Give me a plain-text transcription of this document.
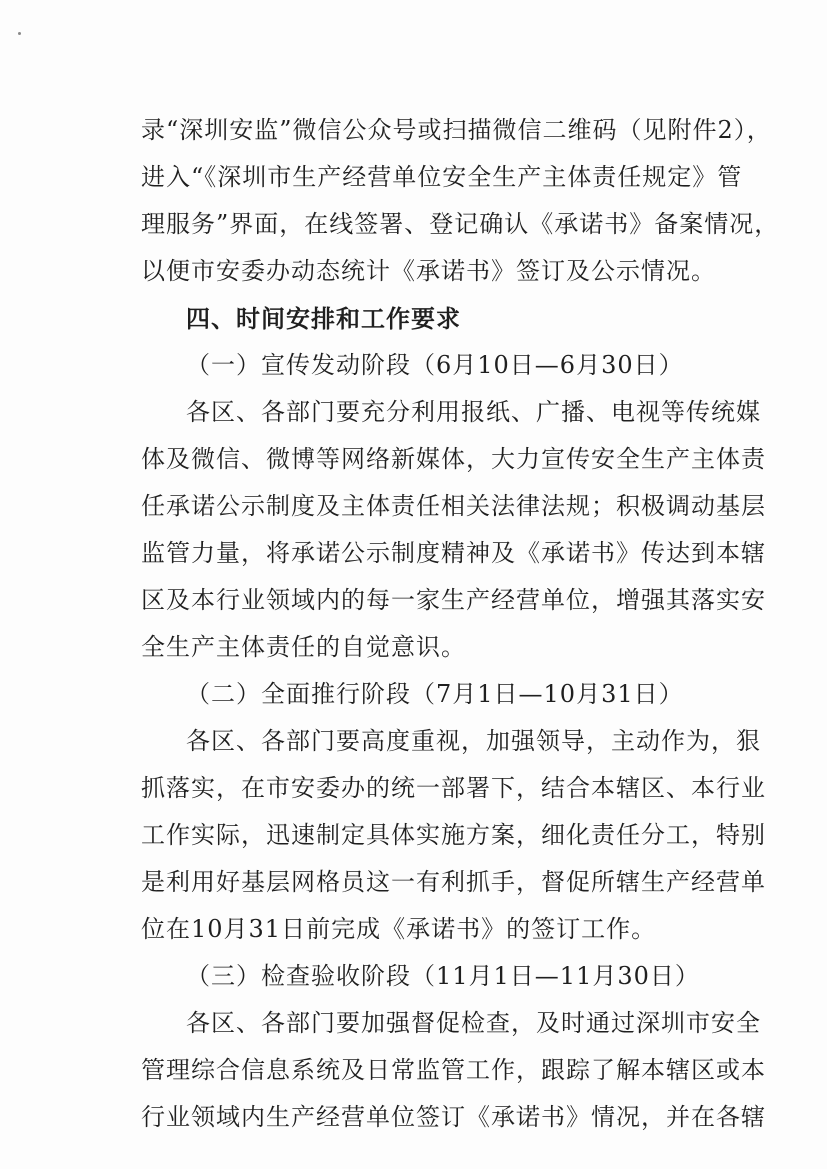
录“深圳安监”微信公众号或扫描微信二维码（见附件2），
进入“《深圳市生产经营单位安全生产主体责任规定》管
理服务”界面，在线签署、登记确认《承诺书》备案情况，
以便市安委办动态统计《承诺书》签订及公示情况。
四、时间安排和工作要求
（一）宣传发动阶段（6月10日—6月30日）
各区、各部门要充分利用报纸、广播、电视等传统媒
体及微信、微博等网络新媒体，大力宣传安全生产主体责
任承诺公示制度及主体责任相关法律法规；积极调动基层
监管力量，将承诺公示制度精神及《承诺书》传达到本辖
区及本行业领域内的每一家生产经营单位，增强其落实安
全生产主体责任的自觉意识。
（二）全面推行阶段（7月1日—10月31日）
各区、各部门要高度重视，加强领导，主动作为，狠
抓落实，在市安委办的统一部署下，结合本辖区、本行业
工作实际，迅速制定具体实施方案，细化责任分工，特别
是利用好基层网格员这一有利抓手，督促所辖生产经营单
位在10月31日前完成《承诺书》的签订工作。
（三）检查验收阶段（11月1日—11月30日）
各区、各部门要加强督促检查，及时通过深圳市安全
管理综合信息系统及日常监管工作，跟踪了解本辖区或本
行业领域内生产经营单位签订《承诺书》情况，并在各辖
